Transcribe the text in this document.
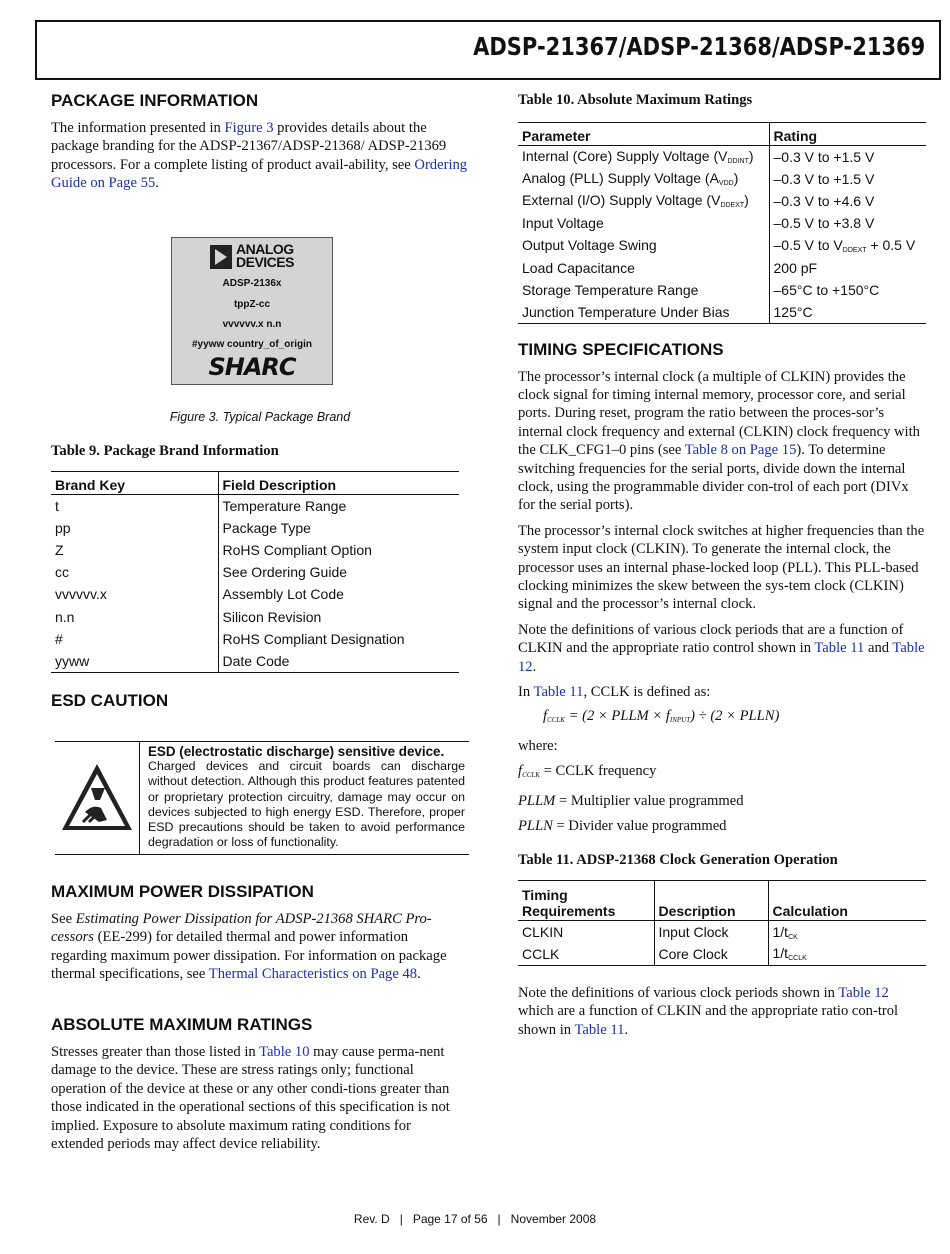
ADSP-21367/ADSP-21368/ADSP-21369
PACKAGE INFORMATION

The information presented in Figure 3 provides details about the package branding for the ADSP-21367/ADSP-21368/ ADSP-21369 processors. For a complete listing of product avail-ability, see Ordering Guide on Page 55.

ANALOG
DEVICES
ADSP-2136x
tppZ-cc
vvvvvv.x n.n
#yyww country_of_origin
SHARC
Figure 3. Typical Package Brand
Table 9. Package Brand Information
Brand Key	Field Description
t	Temperature Range
pp	Package Type
Z	RoHS Compliant Option
cc	See Ordering Guide
vvvvvv.x	Assembly Lot Code
n.n	Silicon Revision
#	RoHS Compliant Designation
yyww	Date Code
ESD CAUTION
ESD (electrostatic discharge) sensitive device.
Charged devices and circuit boards can discharge without detection. Although this product features patented or proprietary protection circuitry, damage may occur on devices subjected to high energy ESD. Therefore, proper ESD precautions should be taken to avoid performance degradation or loss of functionality.
MAXIMUM POWER DISSIPATION

See Estimating Power Dissipation for ADSP-21368 SHARC Pro-cessors (EE-299) for detailed thermal and power information regarding maximum power dissipation. For information on package thermal specifications, see Thermal Characteristics on Page 48.

ABSOLUTE MAXIMUM RATINGS

Stresses greater than those listed in Table 10 may cause perma-nent damage to the device. These are stress ratings only; functional operation of the device at these or any other condi-tions greater than those indicated in the operational sections of this specification is not implied. Exposure to absolute maximum rating conditions for extended periods may affect device reliability.

Table 10. Absolute Maximum Ratings
Parameter	Rating
Internal (Core) Supply Voltage $(V_{DDINT})$	–0.3 V to +1.5 V
Analog (PLL) Supply Voltage $(A_{VDD})$	–0.3 V to +1.5 V
External (I/O) Supply Voltage $(V_{DDEXT})$	–0.3 V to +4.6 V
Input Voltage	–0.5 V to +3.8 V
Output Voltage Swing	–0.5 V to $V_{DDEXT} + 0.5$ V
Load Capacitance	200 pF
Storage Temperature Range	–65°C to +150°C
Junction Temperature Under Bias	125°C
TIMING SPECIFICATIONS

The processor’s internal clock (a multiple of CLKIN) provides the clock signal for timing internal memory, processor core, and serial ports. During reset, program the ratio between the proces-sor’s internal clock frequency and external (CLKIN) clock frequency with the CLK_CFG1–0 pins (see Table 8 on Page 15). To determine switching frequencies for the serial ports, divide down the internal clock, using the programmable divider con-trol of each port (DIVx for the serial ports).

The processor’s internal clock switches at higher frequencies than the system input clock (CLKIN). To generate the internal clock, the processor uses an internal phase-locked loop (PLL). This PLL-based clocking minimizes the skew between the sys-tem clock (CLKIN) signal and the processor’s internal clock.

Note the definitions of various clock periods that are a function of CLKIN and the appropriate ratio control shown in Table 11 and Table 12.

In Table 11, CCLK is defined as:

$f_{CCLK} = (2$ × PLLM × $f_{INPUT}) \div (2$ × PLLN)

where:

$f_{CCLK}$ = CCLK frequency

PLLM = Multiplier value programmed

PLLN = Divider value programmed

Table 11. ADSP-21368 Clock Generation Operation
Timing Requirements	Description	Calculation
CLKIN	Input Clock	$1/t_{CK}$
CCLK	Core Clock	$1/t_{CCLK}$

Note the definitions of various clock periods shown in Table 12 which are a function of CLKIN and the appropriate ratio con-trol shown in Table 11.

Rev. D   |   Page 17 of 56   |   November 2008
